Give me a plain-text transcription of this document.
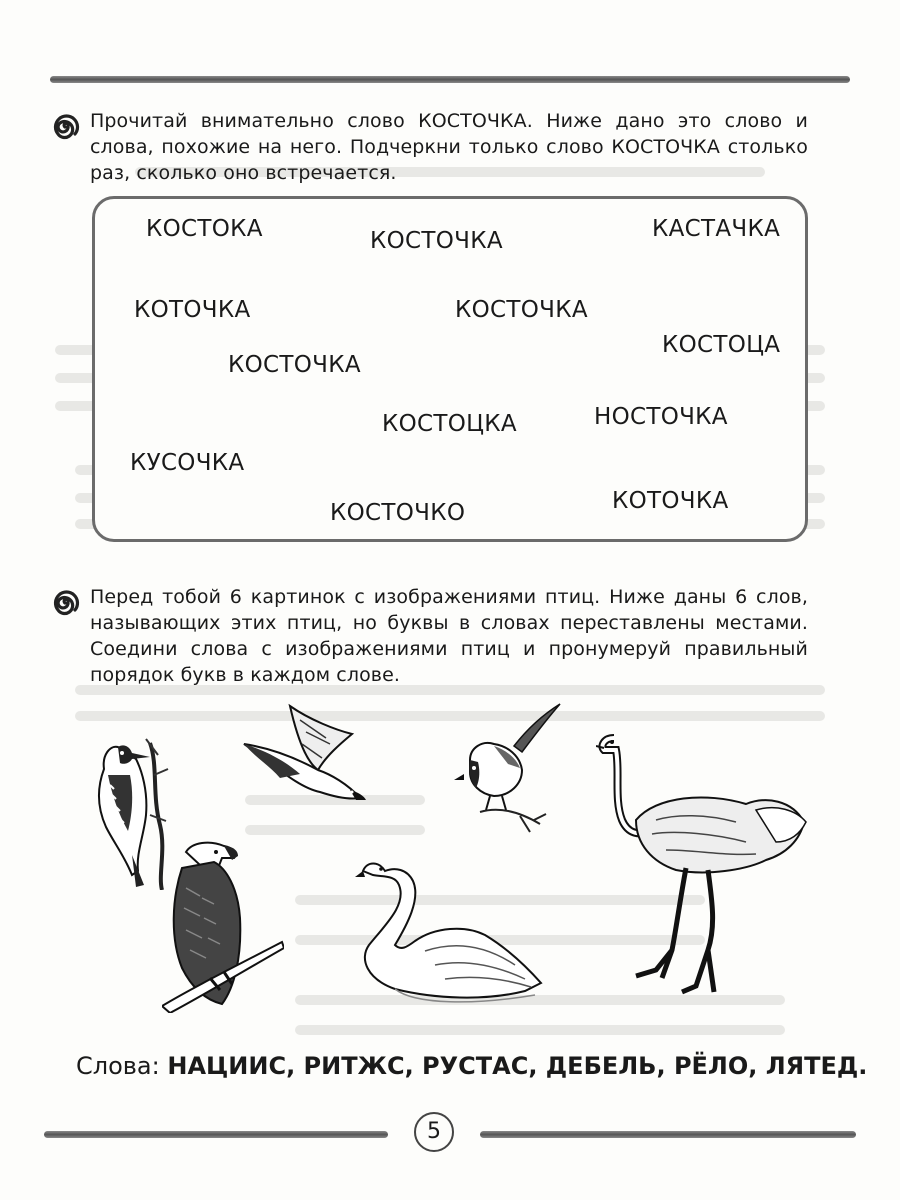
Прочитай внимательно слово КОСТОЧКА. Ниже дано это слово и слова, похожие на него. Подчеркни только слово КОСТОЧКА столько раз, сколько оно встречается.
КОСТОКА	КОСТОЧКА	КАСТАЧКА
КОТОЧКА	КОСТОЧКА
КОСТОЦА
КОСТОЧКА
КОСТОЦКА	НОСТОЧКА
КУСОЧКА
КОСТОЧКО	КОТОЧКА
Перед тобой 6 картинок с изображениями птиц. Ниже даны 6 слов, называющих этих птиц, но буквы в словах переставлены местами. Соедини слова с изображениями птиц и пронумеруй правильный порядок букв в каждом слове.
Слова: НАЦИИС, РИТЖС, РУСТАС, ДЕБЕЛЬ, РЁЛО, ЛЯТЕД.
5
